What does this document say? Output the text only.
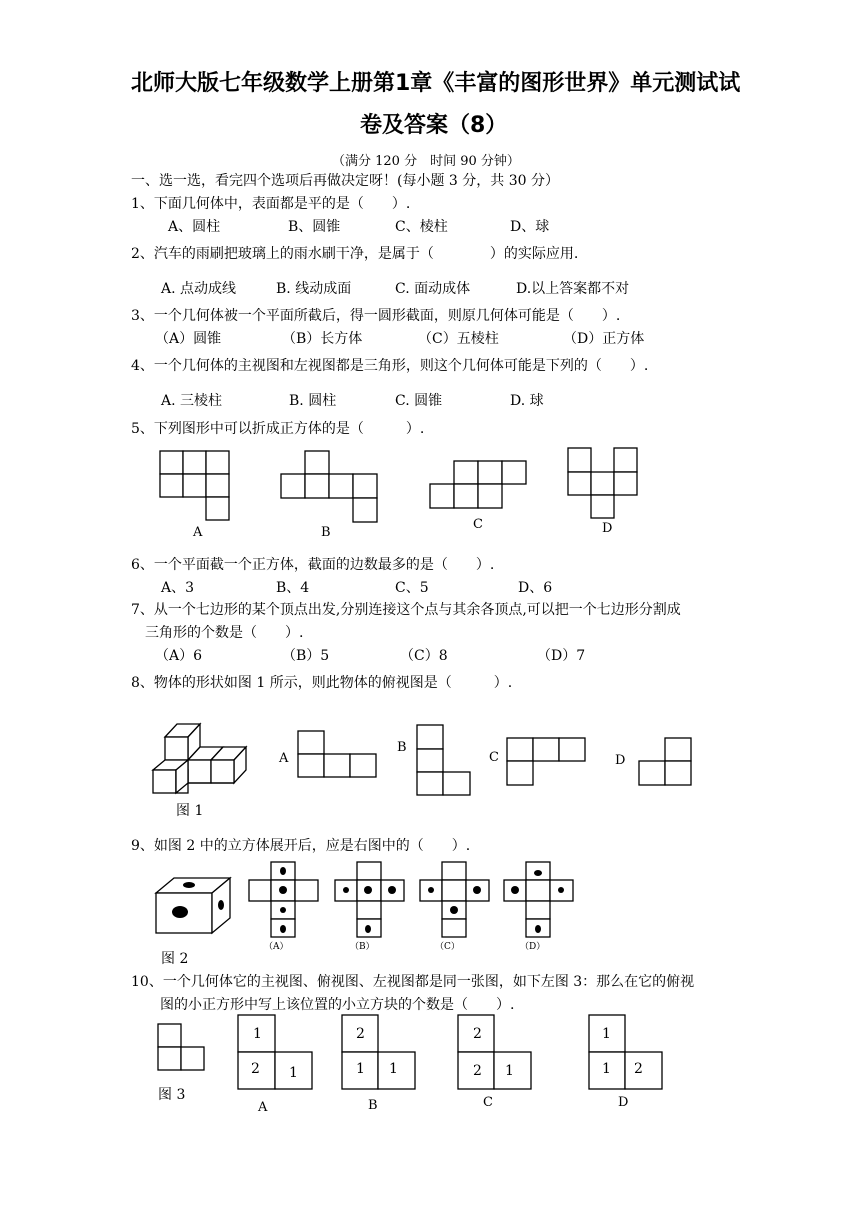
北师大版七年级数学上册第1章《丰富的图形世界》单元测试试
卷及答案（8）
（满分 120 分　时间 90 分钟）
一、选一选，看完四个选项后再做决定呀！(每小题 3 分，共 30 分）
1、下面几何体中，表面都是平的是（　　）.
A、圆柱	B、圆锥	C、棱柱	D、球
2、汽车的雨刷把玻璃上的雨水刷干净，是属于（　　　　）的实际应用.
A. 点动成线	B. 线动成面	C. 面动成体	D.以上答案都不对
3、一个几何体被一个平面所截后，得一圆形截面，则原几何体可能是（　　）.
（A）圆锥	（B）长方体	（C）五棱柱	（D）正方体
4、一个几何体的主视图和左视图都是三角形，则这个几何体可能是下列的（　　）.
A. 三棱柱	B. 圆柱	C. 圆锥	D. 球
5、下列图形中可以折成正方体的是（　　　）.
A	B
C	D
6、一个平面截一个正方体，截面的边数最多的是（　　）.
A、3	B、4	C、5	D、6
7、从一个七边形的某个顶点出发,分别连接这个点与其余各顶点,可以把一个七边形分割成
三角形的个数是（　　）.
（A）6	（B）5	（C）8	（D）7
8、物体的形状如图 1 所示，则此物体的俯视图是（　　　）.
A
B
C	D
图 1
9、如图 2 中的立方体展开后，应是右图中的（　　）.
（A）	（B）	（C）	（D）
图 2
10、一个几何体它的主视图、俯视图、左视图都是同一张图，如下左图 3：那么在它的俯视
图的小正方形中写上该位置的小立方块的个数是（　　）.
1
2 1
2
1 1
2
2 1
1
1 2
图 3
A	B	C	D
